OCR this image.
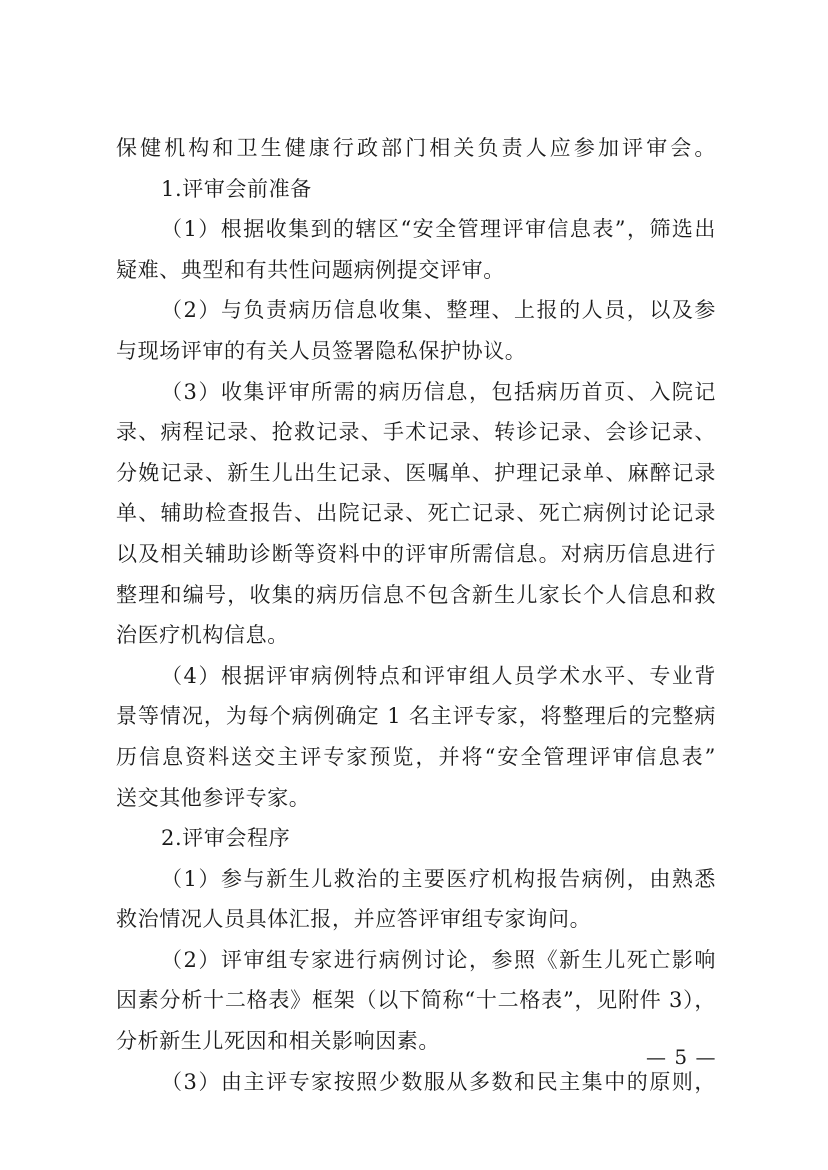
保健机构和卫生健康行政部门相关负责人应参加评审会。
1.评审会前准备
（1）根据收集到的辖区“安全管理评审信息表”，筛选出
疑难、典型和有共性问题病例提交评审。
（2）与负责病历信息收集、整理、上报的人员，以及参
与现场评审的有关人员签署隐私保护协议。
（3）收集评审所需的病历信息，包括病历首页、入院记
录、病程记录、抢救记录、手术记录、转诊记录、会诊记录、
分娩记录、新生儿出生记录、医嘱单、护理记录单、麻醉记录
单、辅助检查报告、出院记录、死亡记录、死亡病例讨论记录
以及相关辅助诊断等资料中的评审所需信息。对病历信息进行
整理和编号，收集的病历信息不包含新生儿家长个人信息和救
治医疗机构信息。
（4）根据评审病例特点和评审组人员学术水平、专业背
景等情况，为每个病例确定 1 名主评专家，将整理后的完整病
历信息资料送交主评专家预览，并将“安全管理评审信息表”
送交其他参评专家。
2.评审会程序
（1）参与新生儿救治的主要医疗机构报告病例，由熟悉
救治情况人员具体汇报，并应答评审组专家询问。
（2）评审组专家进行病例讨论，参照《新生儿死亡影响
因素分析十二格表》框架（以下简称“十二格表”，见附件 3），
分析新生儿死因和相关影响因素。
（3）由主评专家按照少数服从多数和民主集中的原则，
— 5 —
